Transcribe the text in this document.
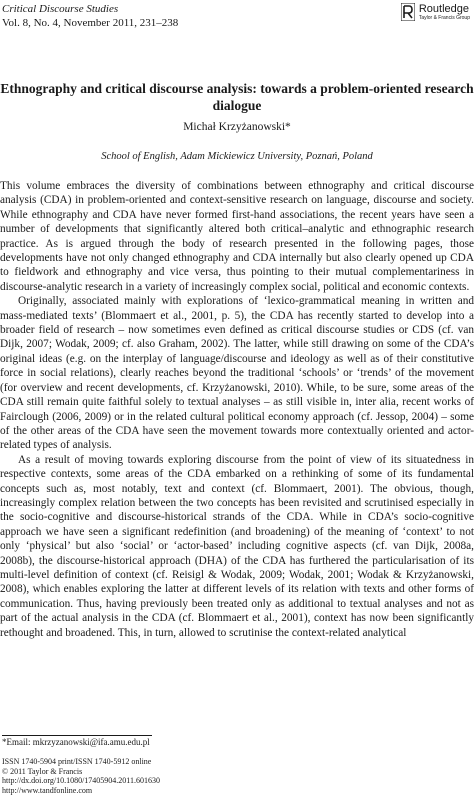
Critical Discourse Studies
Vol. 8, No. 4, November 2011, 231–238
Routledge
Taylor & Francis Group
Ethnography and critical discourse analysis: towards a problem-oriented research dialogue
Michał Krzyżanowski*
School of English, Adam Mickiewicz University, Poznań, Poland

This volume embraces the diversity of combinations between ethnography and critical discourse analysis (CDA) in problem-oriented and context-sensitive research on language, discourse and society. While ethnography and CDA have never formed first-hand associations, the recent years have seen a number of developments that significantly altered both critical–analytic and ethnographic research practice. As is argued through the body of research presented in the following pages, those developments have not only changed ethnography and CDA internally but also clearly opened up CDA to fieldwork and ethnography and vice versa, thus pointing to their mutual complementariness in discourse-analytic research in a variety of increasingly complex social, political and economic contexts.

Originally, associated mainly with explorations of ‘lexico-grammatical meaning in written and mass-mediated texts’ (Blommaert et al., 2001, p. 5), the CDA has recently started to develop into a broader field of research – now sometimes even defined as critical discourse studies or CDS (cf. van Dijk, 2007; Wodak, 2009; cf. also Graham, 2002). The latter, while still drawing on some of the CDA’s original ideas (e.g. on the interplay of language/discourse and ideology as well as of their constitutive force in social relations), clearly reaches beyond the traditional ‘schools’ or ‘trends’ of the movement (for overview and recent developments, cf. Krzyżanowski, 2010). While, to be sure, some areas of the CDA still remain quite faithful solely to textual analyses – as still visible in, inter alia, recent works of Fairclough (2006, 2009) or in the related cultural political economy approach (cf. Jessop, 2004) – some of the other areas of the CDA have seen the movement towards more contextually oriented and actor-related types of analysis.

As a result of moving towards exploring discourse from the point of view of its situatedness in respective contexts, some areas of the CDA embarked on a rethinking of some of its fundamental concepts such as, most notably, text and context (cf. Blommaert, 2001). The obvious, though, increasingly complex relation between the two concepts has been revisited and scrutinised especially in the socio-cognitive and discourse-historical strands of the CDA. While in CDA’s socio-cognitive approach we have seen a significant redefinition (and broadening) of the meaning of ‘context’ to not only ‘physical’ but also ‘social’ or ‘actor-based’ including cognitive aspects (cf. van Dijk, 2008a, 2008b), the discourse-historical approach (DHA) of the CDA has furthered the particularisation of its multi-level definition of context (cf. Reisigl & Wodak, 2009; Wodak, 2001; Wodak & Krzyżanowski, 2008), which enables exploring the latter at different levels of its relation with texts and other forms of communication. Thus, having previously been treated only as additional to textual analyses and not as part of the actual analysis in the CDA (cf. Blommaert et al., 2001), context has now been significantly rethought and broadened. This, in turn, allowed to scrutinise the context-related analytical

*Email: mkrzyzanowski@ifa.amu.edu.pl
ISSN 1740-5904 print/ISSN 1740-5912 online
© 2011 Taylor & Francis
http://dx.doi.org/10.1080/17405904.2011.601630
http://www.tandfonline.com
